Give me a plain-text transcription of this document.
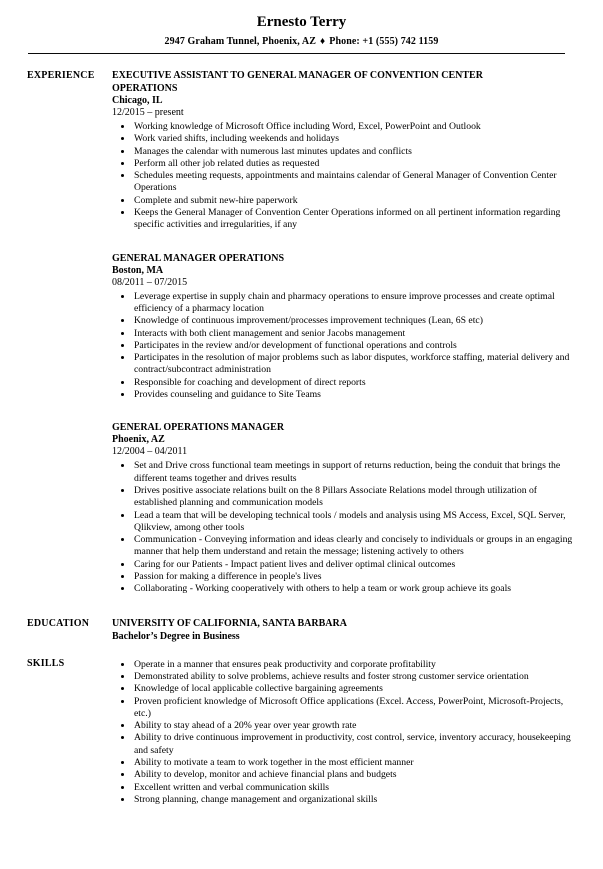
Ernesto Terry
2947 Graham Tunnel, Phoenix, AZ ♦ Phone: +1 (555) 742 1159
EXPERIENCE	EXECUTIVE ASSISTANT TO GENERAL MANAGER OF CONVENTION CENTER OPERATIONS
Chicago, IL
12/2015 – present
• Working knowledge of Microsoft Office including Word, Excel, PowerPoint and Outlook
• Work varied shifts, including weekends and holidays
• Manages the calendar with numerous last minutes updates and conflicts
• Perform all other job related duties as requested
• Schedules meeting requests, appointments and maintains calendar of General Manager of Convention Center Operations
• Complete and submit new-hire paperwork
• Keeps the General Manager of Convention Center Operations informed on all pertinent information regarding specific activities and irregularities, if any
GENERAL MANAGER OPERATIONS
Boston, MA
08/2011 – 07/2015
• Leverage expertise in supply chain and pharmacy operations to ensure improve processes and create optimal efficiency of a pharmacy location
• Knowledge of continuous improvement/processes improvement techniques (Lean, 6S etc)
• Interacts with both client management and senior Jacobs management
• Participates in the review and/or development of functional operations and controls
• Participates in the resolution of major problems such as labor disputes, workforce staffing, material delivery and contract/subcontract administration
• Responsible for coaching and development of direct reports
• Provides counseling and guidance to Site Teams
GENERAL OPERATIONS MANAGER
Phoenix, AZ
12/2004 – 04/2011
• Set and Drive cross functional team meetings in support of returns reduction, being the conduit that brings the different teams together and drives results
• Drives positive associate relations built on the 8 Pillars Associate Relations model through utilization of established planning and communication models
• Lead a team that will be developing technical tools / models and analysis using MS Access, Excel, SQL Server, Qlikview, among other tools
• Communication - Conveying information and ideas clearly and concisely to individuals or groups in an engaging manner that help them understand and retain the message; listening actively to others
• Caring for our Patients - Impact patient lives and deliver optimal clinical outcomes
• Passion for making a difference in people's lives
• Collaborating - Working cooperatively with others to help a team or work group achieve its goals
EDUCATION	UNIVERSITY OF CALIFORNIA, SANTA BARBARA
Bachelor’s Degree in Business
SKILLS	• Operate in a manner that ensures peak productivity and corporate profitability
• Demonstrated ability to solve problems, achieve results and foster strong customer service orientation
• Knowledge of local applicable collective bargaining agreements
• Proven proficient knowledge of Microsoft Office applications (Excel. Access, PowerPoint, Microsoft-Projects, etc.)
• Ability to stay ahead of a 20% year over year growth rate
• Ability to drive continuous improvement in productivity, cost control, service, inventory accuracy, housekeeping and safety
• Ability to motivate a team to work together in the most efficient manner
• Ability to develop, monitor and achieve financial plans and budgets
• Excellent written and verbal communication skills
• Strong planning, change management and organizational skills
